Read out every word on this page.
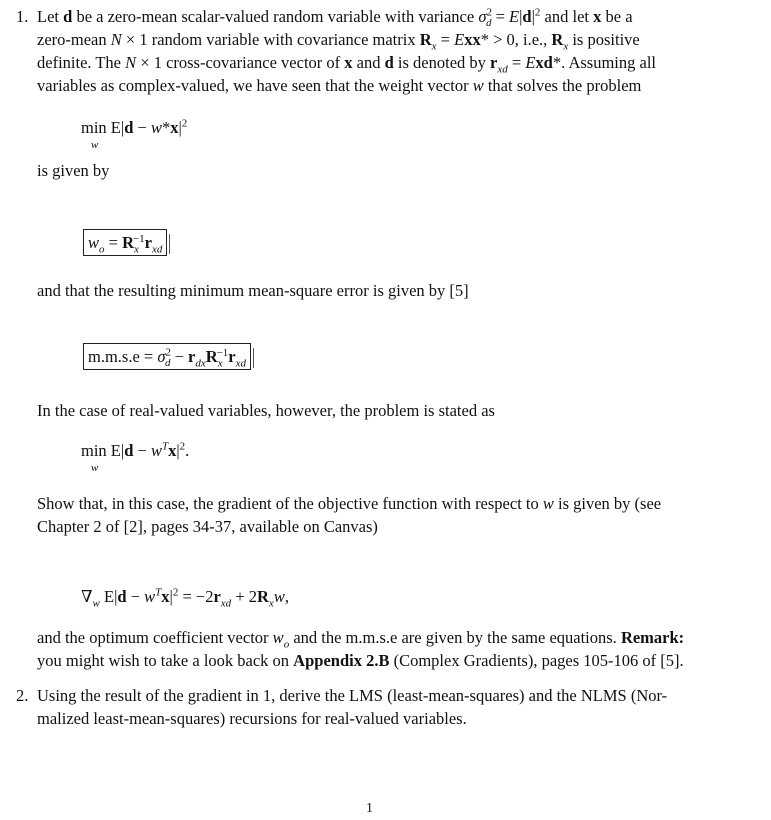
1. Let d be a zero-mean scalar-valued random variable with variance $\sigma^2_d = E|d|^2$ and let x be a
zero-mean N × 1 random variable with covariance matrix $R_x = Exx* > 0$, i.e., $R_x$ is positive
definite. The N × 1 cross-covariance vector of x and d is denoted by $r_{xd} = Exd*$. Assuming all
variables as complex-valued, we have seen that the weight vector w that solves the problem
$\min E|d - w*x|^2$
w
is given by
$w_o = R_x^{-1}r_{xd}$
and that the resulting minimum mean-square error is given by [5]
$m.m.s.e = \sigma^2_d - r_{dx}R_x^{-1}r_{xd}$
In the case of real-valued variables, however, the problem is stated as
$\min E|d - w^Tx|^2$.
w
Show that, in this case, the gradient of the objective function with respect to w is given by (see
Chapter 2 of [2], pages 34-37, available on Canvas)
$\nabla_w$ $E|d - w^Tx|^2 = -2r_{xd} + 2R_xw$,
and the optimum coefficient vector $w_o$ and the m.m.s.e are given by the same equations. Remark:
you might wish to take a look back on Appendix 2.B (Complex Gradients), pages 105-106 of [5].
2. Using the result of the gradient in 1, derive the LMS (least-mean-squares) and the NLMS (Nor-
malized least-mean-squares) recursions for real-valued variables.
1
